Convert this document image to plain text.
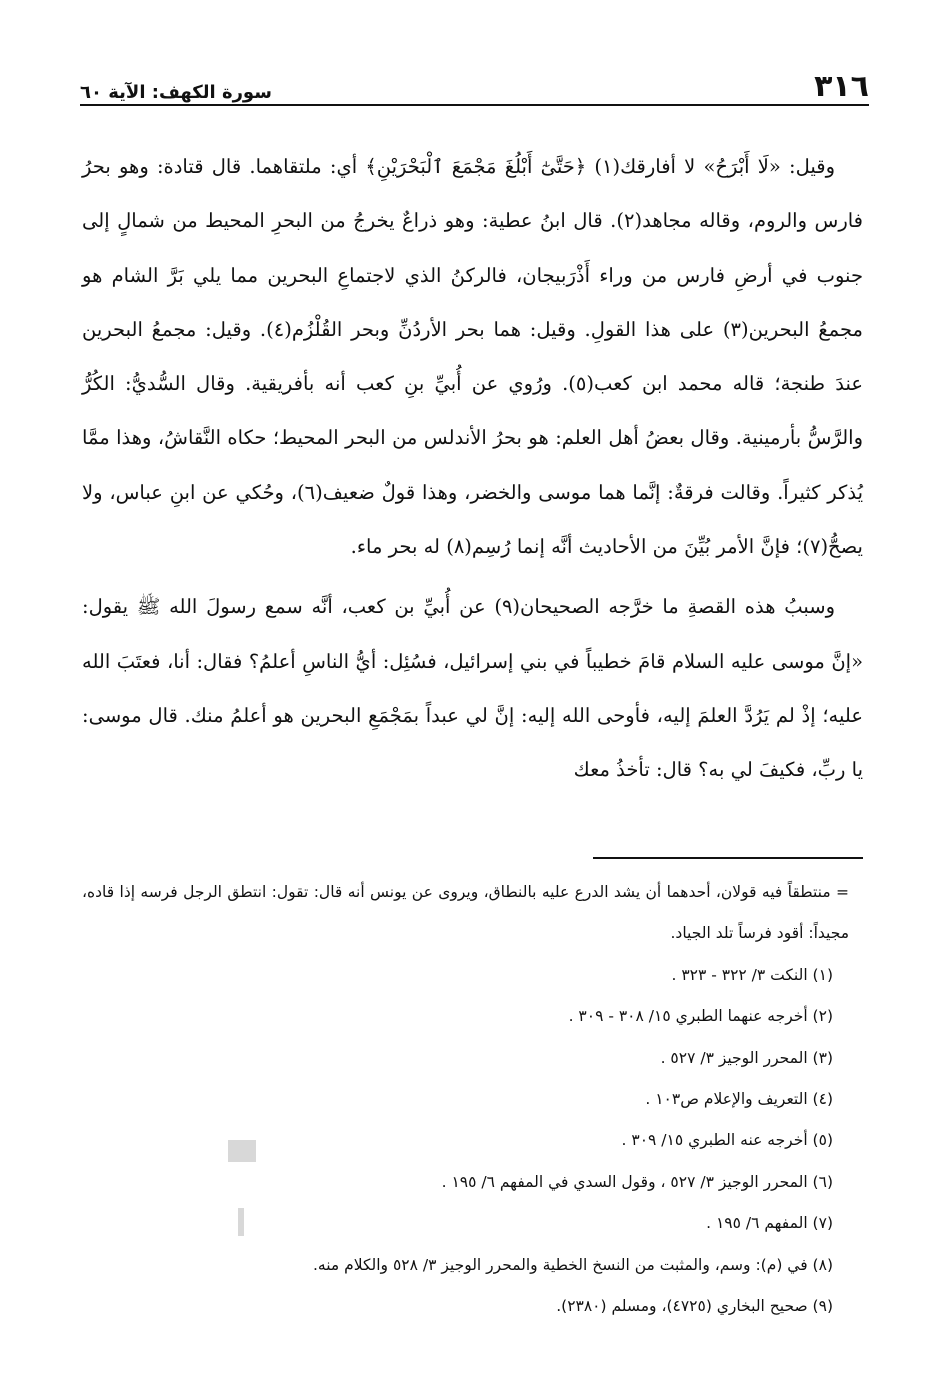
٣١٦
سورة الكهف: الآية ٦٠

وقيل: «لَا أَبْرَحُ» لا أفارقك(١) ﴿حَتَّىٰٓ أَبْلُغَ مَجْمَعَ ٱلْبَحْرَيْنِ﴾ أي: ملتقاهما. قال قتادة: وهو بحرُ فارس والروم، وقاله مجاهد(٢). قال ابنُ عطية: وهو ذراعٌ يخرجُ من البحرِ المحيط من شمالٍ إلى جنوب في أرضِ فارس من وراء أَذْرَبيجان، فالركنُ الذي لاجتماعِ البحرين مما يلي بَرَّ الشام هو مجمعُ البحرين(٣) على هذا القولِ. وقيل: هما بحر الأردُنِّ وبحر القُلْزُم(٤). وقيل: مجمعُ البحرين عندَ طنجة؛ قاله محمد ابن كعب(٥). ورُوي عن أُبيِّ بنِ كعب أنه بأفريقية. وقال السُّديُّ: الكُرُّ والرَّسُّ بأرمينية. وقال بعضُ أهل العلم: هو بحرُ الأندلس من البحر المحيط؛ حكاه النَّقاشُ، وهذا ممَّا يُذكر كثيراً. وقالت فرقةٌ: إنَّما هما موسى والخضر، وهذا قولٌ ضعيف(٦)، وحُكي عن ابنِ عباس، ولا يصحُّ(٧)؛ فإنَّ الأمر بُيِّنَ من الأحاديث أنَّه إنما رُسِم(٨) له بحر ماء.

وسببُ هذه القصةِ ما خرَّجه الصحيحان(٩) عن أُبيِّ بن كعب، أنَّه سمع رسولَ الله ﷺ يقول: «إنَّ موسى عليه السلام قامَ خطيباً في بني إسرائيل، فسُئِل: أيُّ الناسِ أعلمُ؟ فقال: أنا، فعتَبَ الله عليه؛ إذْ لم يَرُدَّ العلمَ إليه، فأوحى الله إليه: إنَّ لي عبداً بمَجْمَعِ البحرين هو أعلمُ منك. قال موسى: يا ربِّ، فكيفَ لي به؟ قال: تأخذُ معك

= منتطقاً فيه قولان، أحدهما أن يشد الدرع عليه بالنطاق، ويروى عن يونس أنه قال: تقول: انتطق الرجل فرسه إذا قاده، مجيداً: أقود فرساً تلد الجياد.

(١) النكت ٣/ ٣٢٢ - ٣٢٣ .

(٢) أخرجه عنهما الطبري ١٥/ ٣٠٨ - ٣٠٩ .

(٣) المحرر الوجيز ٣/ ٥٢٧ .

(٤) التعريف والإعلام ص١٠٣ .

(٥) أخرجه عنه الطبري ١٥/ ٣٠٩ .

(٦) المحرر الوجيز ٣/ ٥٢٧ ، وقول السدي في المفهم ٦/ ١٩٥ .

(٧) المفهم ٦/ ١٩٥ .

(٨) في (م): وسم، والمثبت من النسخ الخطية والمحرر الوجيز ٣/ ٥٢٨ والكلام منه.

(٩) صحيح البخاري (٤٧٢٥)، ومسلم (٢٣٨٠).
